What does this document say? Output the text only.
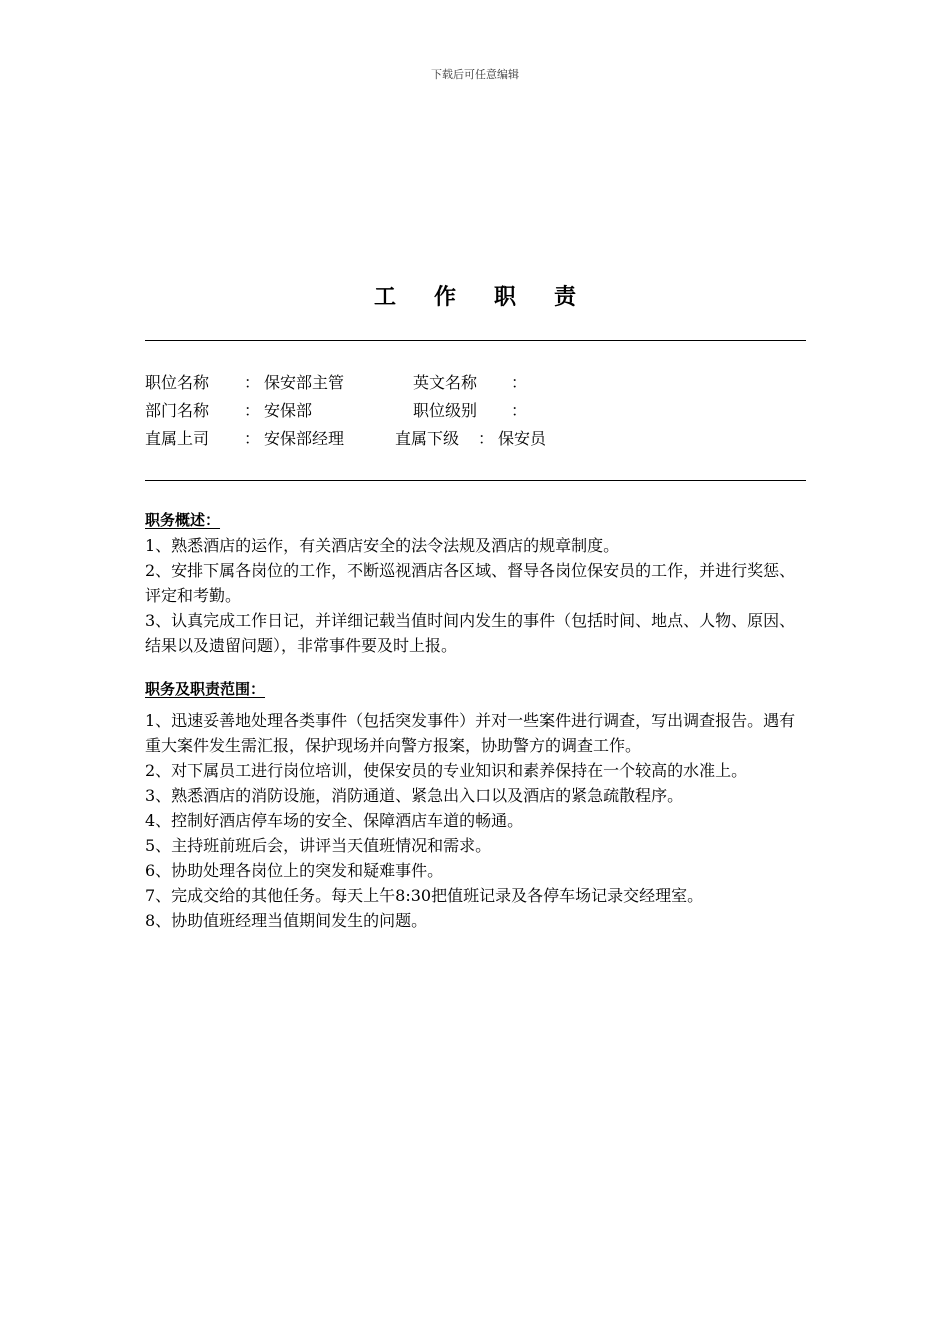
下载后可任意编辑
工作职责
职位名称 ： 保安部主管	英文名称 ：
部门名称 ： 安保部	职位级别 ：
直属上司 ： 安保部经理	直属下级 ： 保安员
职务概述：

1、熟悉酒店的运作，有关酒店安全的法令法规及酒店的规章制度。

2、安排下属各岗位的工作，不断巡视酒店各区域、督导各岗位保安员的工作，并进行奖惩、评定和考勤。

3、认真完成工作日记，并详细记载当值时间内发生的事件（包括时间、地点、人物、原因、结果以及遗留问题），非常事件要及时上报。

职务及职责范围：

1、迅速妥善地处理各类事件（包括突发事件）并对一些案件进行调查，写出调查报告。遇有重大案件发生需汇报，保护现场并向警方报案，协助警方的调查工作。

2、对下属员工进行岗位培训，使保安员的专业知识和素养保持在一个较高的水准上。

3、熟悉酒店的消防设施，消防通道、紧急出入口以及酒店的紧急疏散程序。

4、控制好酒店停车场的安全、保障酒店车道的畅通。

5、主持班前班后会，讲评当天值班情况和需求。

6、协助处理各岗位上的突发和疑难事件。

7、完成交给的其他任务。每天上午8:30把值班记录及各停车场记录交经理室。

8、协助值班经理当值期间发生的问题。
